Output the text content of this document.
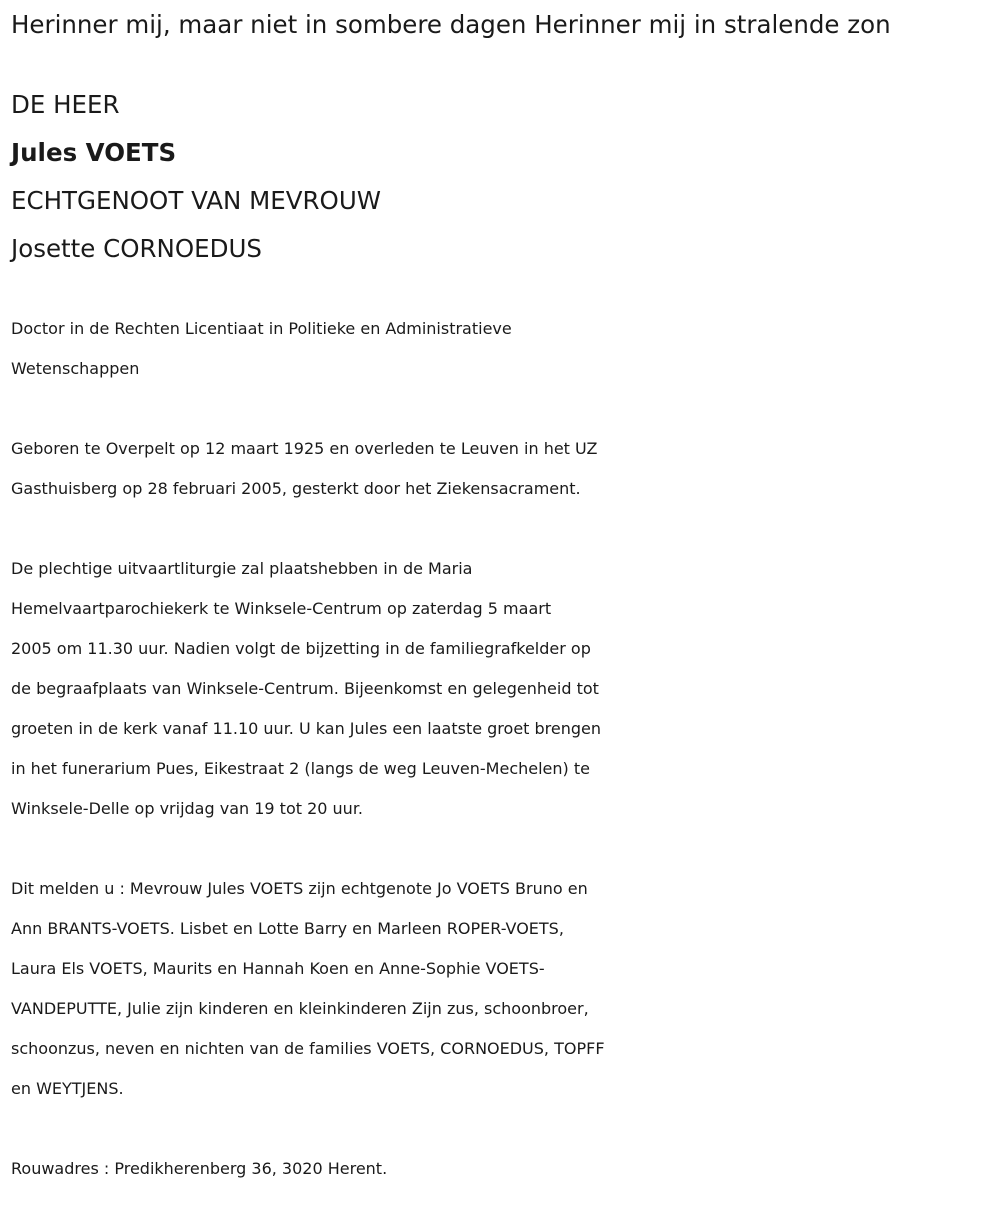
Herinner mij, maar niet in sombere dagen Herinner mij in stralende zon

DE HEER

Jules VOETS

ECHTGENOOT VAN MEVROUW

Josette CORNOEDUS

Doctor in de Rechten Licentiaat in Politieke en Administratieve

Wetenschappen

Geboren te Overpelt op 12 maart 1925 en overleden te Leuven in het UZ

Gasthuisberg op 28 februari 2005, gesterkt door het Ziekensacrament.

De plechtige uitvaartliturgie zal plaatshebben in de Maria

Hemelvaartparochiekerk te Winksele-Centrum op zaterdag 5 maart

2005 om 11.30 uur. Nadien volgt de bijzetting in de familiegrafkelder op

de begraafplaats van Winksele-Centrum. Bijeenkomst en gelegenheid tot

groeten in de kerk vanaf 11.10 uur. U kan Jules een laatste groet brengen

in het funerarium Pues, Eikestraat 2 (langs de weg Leuven-Mechelen) te

Winksele-Delle op vrijdag van 19 tot 20 uur.

Dit melden u : Mevrouw Jules VOETS zijn echtgenote Jo VOETS Bruno en

Ann BRANTS-VOETS. Lisbet en Lotte Barry en Marleen ROPER-VOETS,

Laura Els VOETS, Maurits en Hannah Koen en Anne-Sophie VOETS-

VANDEPUTTE, Julie zijn kinderen en kleinkinderen Zijn zus, schoonbroer,

schoonzus, neven en nichten van de families VOETS, CORNOEDUS, TOPFF

en WEYTJENS.

Rouwadres : Predikherenberg 36, 3020 Herent.
